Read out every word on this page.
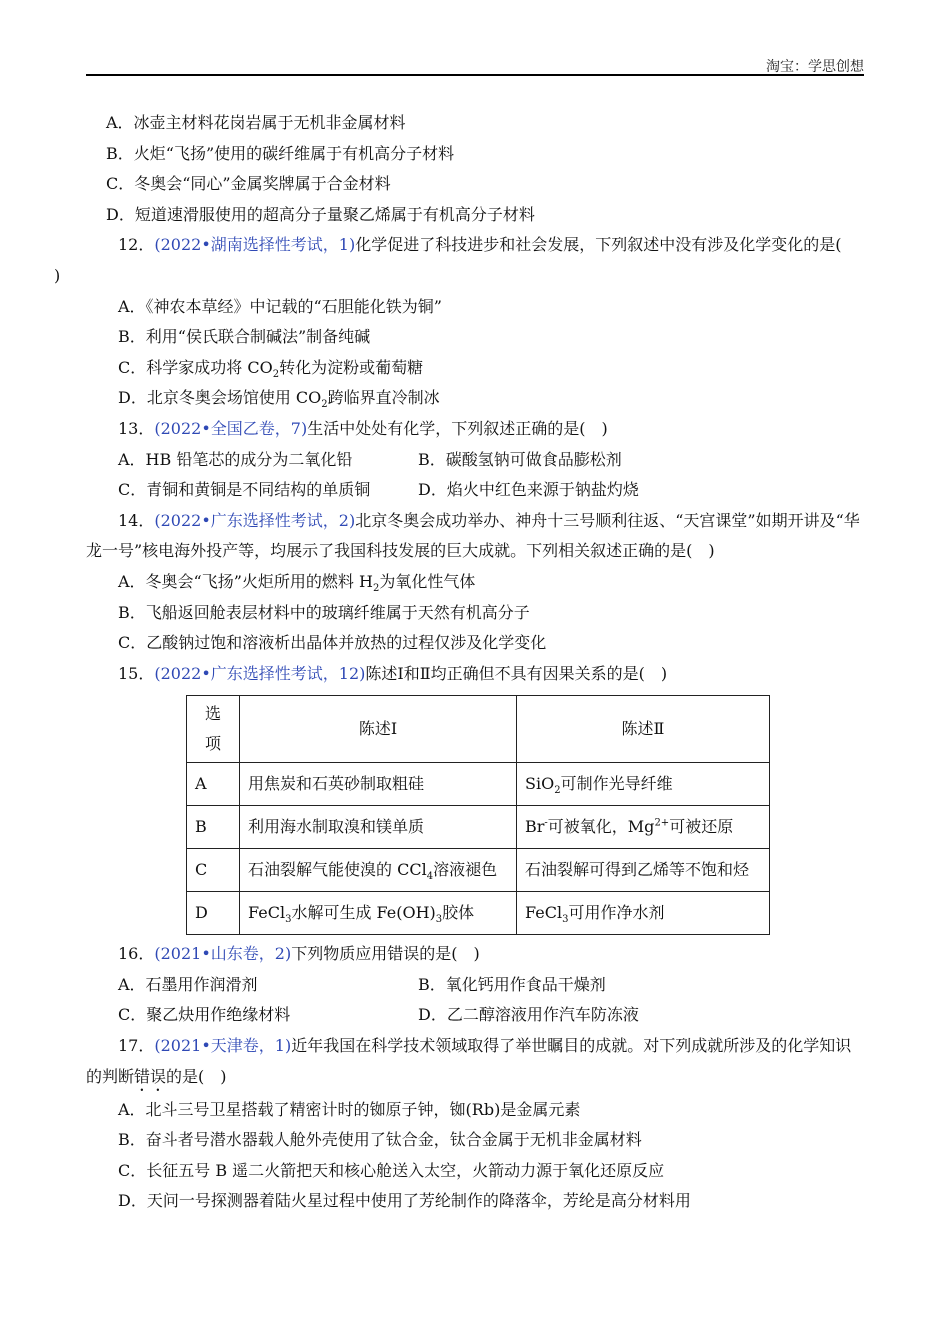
淘宝：学思创想
A．冰壶主材料花岗岩属于无机非金属材料
B．火炬“飞扬”使用的碳纤维属于有机高分子材料
C．冬奥会“同心”金属奖牌属于合金材料
D．短道速滑服使用的超高分子量聚乙烯属于有机高分子材料
12．(2022•湖南选择性考试，1)化学促进了科技进步和社会发展，下列叙述中没有涉及化学变化的是(
)
A．《神农本草经》中记载的“石胆能化铁为铜”
B．利用“侯氏联合制碱法”制备纯碱
C．科学家成功将 $CO_2$转化为淀粉或葡萄糖
D．北京冬奥会场馆使用 $CO_2$跨临界直冷制冰
13．(2022•全国乙卷，7)生活中处处有化学，下列叙述正确的是(　)
A．HB 铅笔芯的成分为二氧化铅	B．碳酸氢钠可做食品膨松剂
C．青铜和黄铜是不同结构的单质铜	D．焰火中红色来源于钠盐灼烧
14．(2022•广东选择性考试，2)北京冬奥会成功举办、神舟十三号顺利往返、“天宫课堂”如期开讲及“华龙一号”核电海外投产等，均展示了我国科技发展的巨大成就。下列相关叙述正确的是(　)
A．冬奥会“飞扬”火炬所用的燃料 $H_2$为氧化性气体
B．飞船返回舱表层材料中的玻璃纤维属于天然有机高分子
C．乙酸钠过饱和溶液析出晶体并放热的过程仅涉及化学变化
15．(2022•广东选择性考试，12)陈述Ⅰ和Ⅱ均正确但不具有因果关系的是(　)
选
项	陈述Ⅰ	陈述Ⅱ
A	用焦炭和石英砂制取粗硅	SiO$_2$可制作光导纤维
B	利用海水制取溴和镁单质	Br-可被氧化，$Mg^{2+}$可被还原
C	石油裂解气能使溴的 CCl$_4$溶液褪色	石油裂解可得到乙烯等不饱和烃
D	FeCl$_3$水解可生成 $Fe(OH)_3$胶体	FeCl$_3$可用作净水剂
16．(2021•山东卷，2)下列物质应用错误的是(　)
A．石墨用作润滑剂	B．氧化钙用作食品干燥剂
C．聚乙炔用作绝缘材料	D．乙二醇溶液用作汽车防冻液
17．(2021•天津卷，1)近年我国在科学技术领域取得了举世瞩目的成就。对下列成就所涉及的化学知识的判断错误的是(　)
A．北斗三号卫星搭载了精密计时的铷原子钟，铷(Rb)是金属元素
B．奋斗者号潜水器载人舱外壳使用了钛合金，钛合金属于无机非金属材料
C．长征五号 B 遥二火箭把天和核心舱送入太空，火箭动力源于氧化还原反应
D．天问一号探测器着陆火星过程中使用了芳纶制作的降落伞，芳纶是高分材料用
